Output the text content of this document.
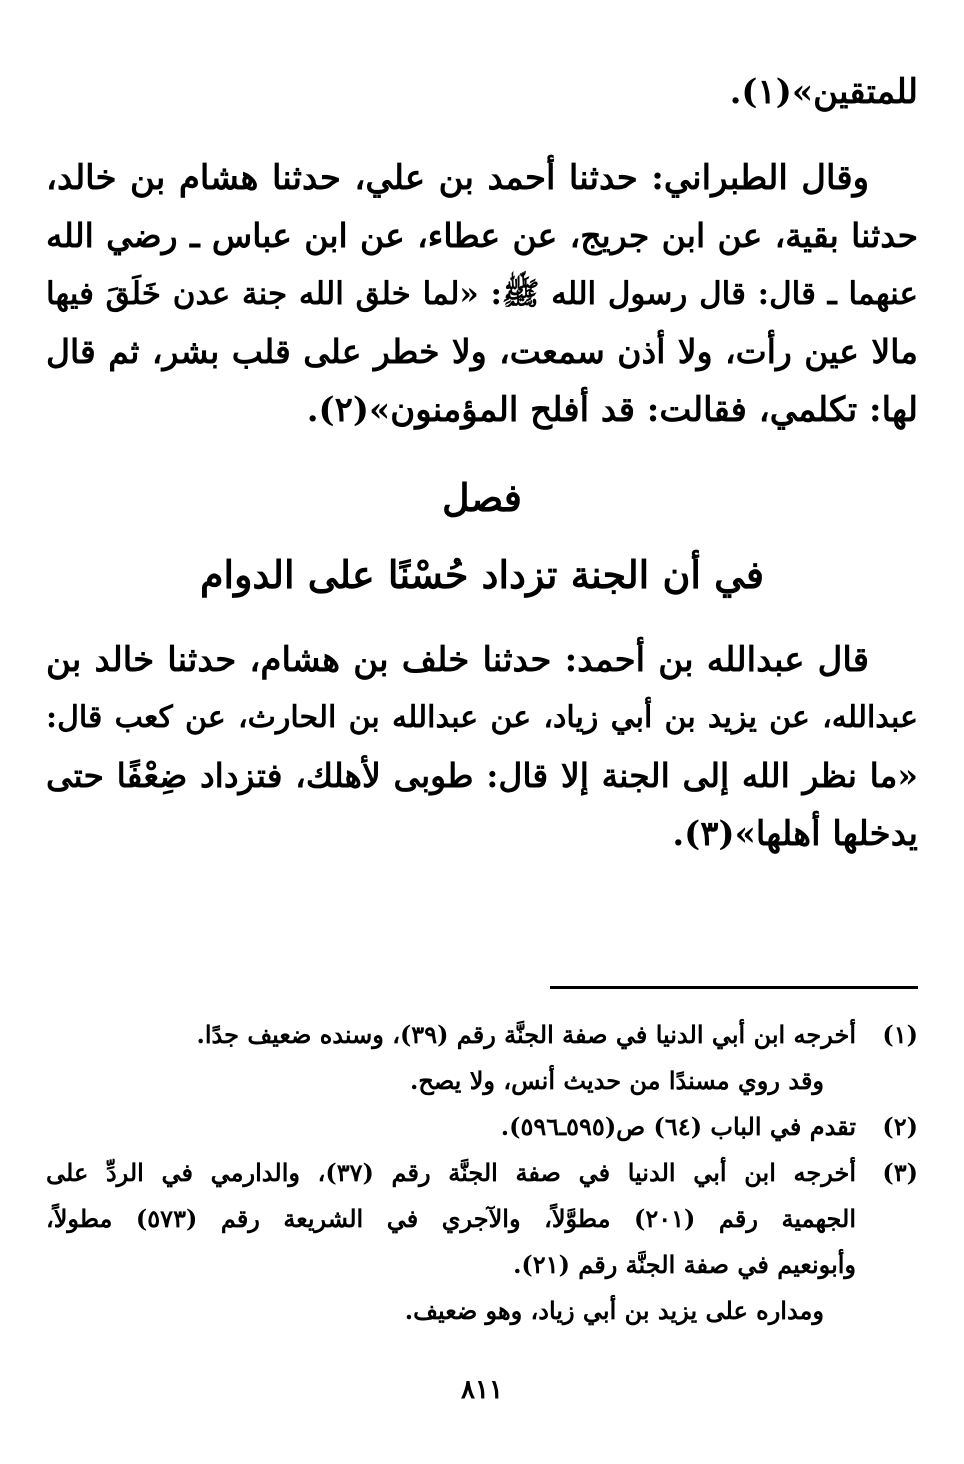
للمتقين»(١).
وقال الطبراني: حدثنا أحمد بن علي، حدثنا هشام بن خالد،
حدثنا بقية، عن ابن جريج، عن عطاء، عن ابن عباس ـ رضي الله
عنهما ـ قال: قال رسول الله ﷺ: «لما خلق الله جنة عدن خَلَقَ فيها
مالا عين رأت، ولا أذن سمعت، ولا خطر على قلب بشر، ثم قال
لها: تكلمي، فقالت: قد أفلح المؤمنون»(٢).
فصل
في أن الجنة تزداد حُسْنًا على الدوام
قال عبدالله بن أحمد: حدثنا خلف بن هشام، حدثنا خالد بن
عبدالله، عن يزيد بن أبي زياد، عن عبدالله بن الحارث، عن كعب قال:
«ما نظر الله إلى الجنة إلا قال: طوبى لأهلك، فتزداد ضِعْفًا حتى
يدخلها أهلها»(٣).
(١)
أخرجه ابن أبي الدنيا في صفة الجنَّة رقم (٣٩)، وسنده ضعيف جدًا.
وقد روي مسندًا من حديث أنس، ولا يصح.
(٢)
تقدم في الباب (٦٤) ص(٥٩٥ـ٥٩٦).
(٣)
أخرجه ابن أبي الدنيا في صفة الجنَّة رقم (٣٧)، والدارمي في الردِّ على
الجهمية رقم (٢٠١) مطوَّلاً، والآجري في الشريعة رقم (٥٧٣) مطولاً،
وأبونعيم في صفة الجنَّة رقم (٢١).
ومداره على يزيد بن أبي زياد، وهو ضعيف.
٨١١
